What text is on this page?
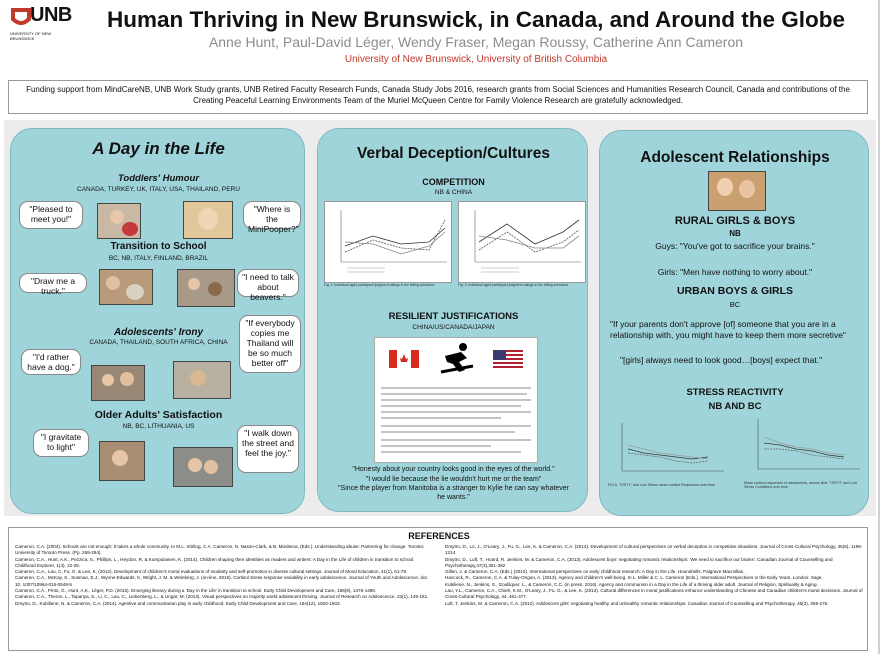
UNB
UNIVERSITY OF NEW BRUNSWICK
Human Thriving in New Brunswick, in Canada, and Around the Globe
Anne Hunt, Paul-David Léger, Wendy Fraser, Megan Roussy, Catherine Ann Cameron
University of New Brunswick, University of British Columbia
Funding support from MindCareNB, UNB Work Study grants, UNB Retired Faculty Research Funds, Canada Study Jobs 2016, research grants from Social Sciences and Humanities Research Council, Canada and contributions of the Creating Peaceful Learning Environments Team of the Muriel McQueen Centre for Family Violence Research are gratefully acknowledged.
A Day in the Life
Toddlers' Humour
CANADA, TURKEY, UK, ITALY, USA, THAILAND, PERU
"Pleased to meet you!"
"Where is the MiniPooper?"
Transition to School
BC, NB, ITALY, FINLAND, BRAZIL
"Draw me a truck."
"I need to talk about beavers."
Adolescents' Irony
CANADA, THAILAND, SOUTH AFRICA, CHINA
"I'd rather have a dog."
"If everybody copies me Thailand will be so much better off"
Older Adults' Satisfaction
NB, BC, LITHUANIA, US
"I gravitate to light"
"I walk down the street and feel the joy."
Verbal Deception/Cultures
COMPETITION
NB & CHINA
Fig. 1: Individual aged participant judgment ratings in the telling scenarios	Fig. 2: Individual aged participant judgment ratings in the telling scenarios
RESILIENT JUSTIFICATIONS
CHINA/US/CANADA/JAPAN
"Honesty about your country looks good in the eyes of the world."
"I would lie because the lie wouldn't hurt me or the team"
"Since the player from Manitoba is a stranger to Kylie he can say whatever he wants."
Adolescent Relationships
RURAL GIRLS & BOYS
NB
Guys: "You've got to sacrifice your brains."
Girls: "Men have nothing to worry about."
URBAN BOYS & GIRLS
BC
"If your parents don't approve [of] someone that you are in a relationship with, you might have to keep them more secretive"
"[girls] always need to look good…[boys] expect that."
STRESS REACTIVITY
NB AND BC
FIG A. TSST F, and Low Stress mean cortisol Responses over time	Mean cortisol responses of adolescents, across time. TSST F, and Low Stress Conditions over time
REFERENCES
Cameron, C.A. (2004). Schools are not enough: It takes a whole community. In M.L. Stirling, C.A. Cameron, N. Nason-Clark, & B. Miedema, (Eds.). Understanding abuse: Partnering for change. Toronto: University of Toronto Press. (Pp. 269-294).
Cameron, C.A., Hunt, A.K., Pezzica, S., Phillips, L., Heydon, R. & Kumpulainen, K. (2014). Children shaping their identities as readers and writers: A Day in the Life of children in transition to school. Childhood Explorer, 1(4), 22-25.
Cameron, C.A., Lau, C, Fu, G. & Lee, K. (2012). Development of children's moral evaluations of modesty and self-promotion in diverse cultural settings. Journal of Moral Education, 41(1), 61-78.
Cameron, C.A., McKay, S., Susman, E.J., Wynne-Edwards, K, Wright, J. M. & Weinberg, J. (on-line, 2016). Cortisol stress response variability in early adolescence. Journal of Youth and Adolescence, doi: 10. 1007/10964-016-0548-5
Cameron, C.A., Pinto, G., Hunt, A.K., Léger, P.D. (2015). Emerging literacy during a 'Day in the Life' in transition to school. Early Child Development and Care, 186(9), 1476-1490.
Cameron, C.A., Theron, L., Tapanya, S., Li, C., Lau, C., Liebenberg, L., & Ungar, M. (2013). Visual perspectives on majority world adolescent thriving. Journal of Research on Adolescence, 23(1), 149-161.
Dmytro, D., Kubiliene, N. & Cameron, C.A. (2014). Agentive and communitarian play in early childhood. Early Child Development and Care, 184(12), 1920-1933.
Dmytro, D., Lo, J., O'Leary, J., Fu, G., Lee, K. & Cameron, C.A. (2014). Development of cultural perspectives on verbal deception in competitive situations. Journal of Cross-Cultural Psychology, 45(8), 1196-1214.
Dmytro, D., Luft, T., Hoard, R. Jenkins, M. & Cameron, C.A. (2013). Adolescent boys' negotiating romantic relationships: 'We need to sacrifice our brains'. Canadian Journal of Counselling and Psychotherapy,47(3),361-382
Gillen, J. & Cameron, C.A. (Eds.) (2010). International perspectives on early childhood research: A Day in the Life. Houndmills: Palgrave Macmillan.
Hancock, R., Cameron, C.A. & Tulay-Ongun, A. (2013). Agency and children's well-being. In L. Miller & C. L. Cameron (Eds.). International Perspectives in the Early Years. London: Sage.
Kubiliene, N., Jenkins, S., Goulliquer, L., & Cameron, C.C. (in press, 2016). Agency and communion in a Day in the Life of a thriving older adult. Journal of Religion, Spirituality & Aging.
Lau, Y.L., Cameron, C.A., Chieh, K.M., O'Leary, J., Fu, G., & Lee, K. (2013). Cultural differences in moral justifications enhance understanding of Chinese and Canadian children's moral decisions. Journal of Cross-Cultural Psychology, 44, 461-477.
Luft, T. Jenkins, M. & Cameron, C.A. (2012). Adolescent girls' negotiating healthy and unhealthy romantic relationships. Canadian Journal of Counselling and Psychotherapy, 46(3), 259-276.
